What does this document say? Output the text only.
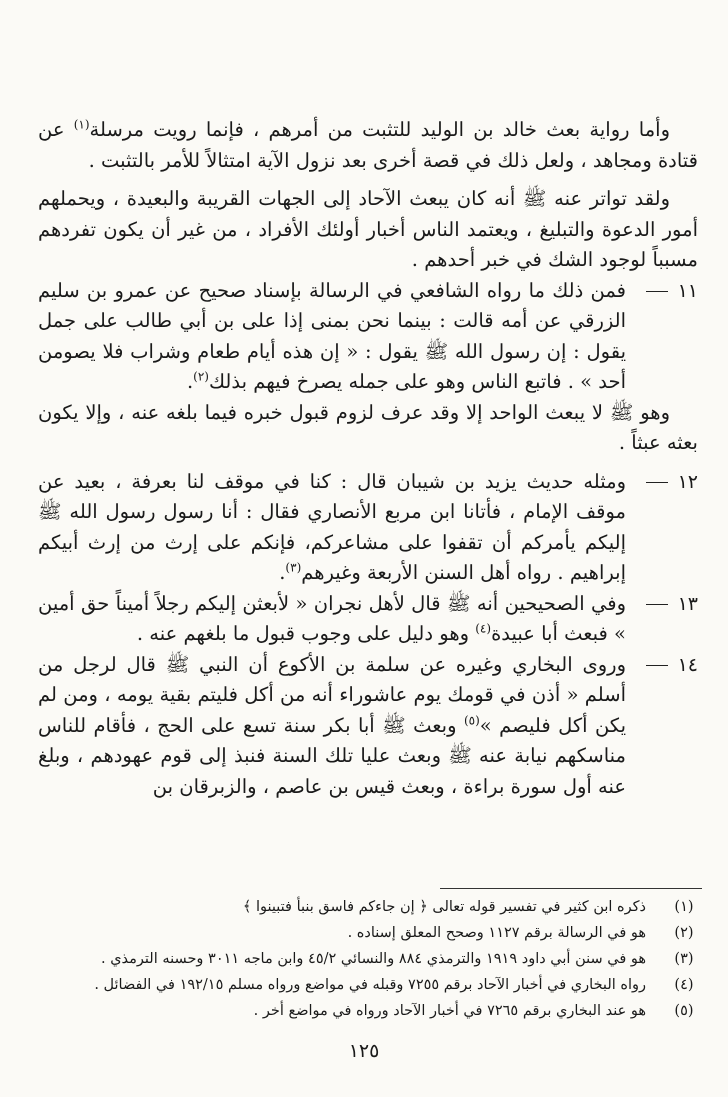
وأما رواية بعث خالد بن الوليد للتثبت من أمرهم ، فإنما رويت مرسلة$^{(١)}$ عن قتادة ومجاهد ، ولعل ذلك في قصة أخرى بعد نزول الآية امتثالاً للأمر بالتثبت .

ولقد تواتر عنه ﷺ أنه كان يبعث الآحاد إلى الجهات القريبة والبعيدة ، ويحملهم أمور الدعوة والتبليغ ، ويعتمد الناس أخبار أولئك الأفراد ، من غير أن يكون تفردهم مسبباً لوجود الشك في خبر أحدهم .

١١
فمن ذلك ما رواه الشافعي في الرسالة بإسناد صحيح عن عمرو بن سليم الزرقي عن أمه قالت : بينما نحن بمنى إذا على بن أبي طالب على جمل يقول : إن رسول الله ﷺ يقول : « إن هذه أيام طعام وشراب فلا يصومن أحد » . فاتبع الناس وهو على جمله يصرخ فيهم بذلك$^{(٢)}$.

وهو ﷺ لا يبعث الواحد إلا وقد عرف لزوم قبول خبره فيما بلغه عنه ، وإلا يكون بعثه عبثاً .

١٢
ومثله حديث يزيد بن شيبان قال : كنا في موقف لنا بعرفة ، بعيد عن موقف الإمام ، فأتانا ابن مربع الأنصاري فقال : أنا رسول رسول الله ﷺ إليكم يأمركم أن تقفوا على مشاعركم، فإنكم على إرث من إرث أبيكم إبراهيم . رواه أهل السنن الأربعة وغيرهم$^{(٣)}$.

١٣
وفي الصحيحين أنه ﷺ قال لأهل نجران « لأبعثن إليكم رجلاً أميناً حق أمين » فبعث أبا عبيدة$^{(٤)}$ وهو دليل على وجوب قبول ما بلغهم عنه .

١٤
وروى البخاري وغيره عن سلمة بن الأكوع أن النبي ﷺ قال لرجل من أسلم « أذن في قومك يوم عاشوراء أنه من أكل فليتم بقية يومه ، ومن لم يكن أكل فليصم »$^{(٥)}$ وبعث ﷺ أبا بكر سنة تسع على الحج ، فأقام للناس مناسكهم نيابة عنه ﷺ وبعث عليا تلك السنة فنبذ إلى قوم عهودهم ، وبلغ عنه أول سورة براءة ، وبعث قيس بن عاصم ، والزبرقان بن

(١)
ذكره ابن كثير في تفسير قوله تعالى ﴿ إن جاءكم فاسق بنبأ فتبينوا ﴾

(٢)
هو في الرسالة برقم ١١٢٧ وصحح المعلق إسناده .

(٣)
هو في سنن أبي داود ١٩١٩ والترمذي ٨٨٤ والنسائي ٤٥/٢ وابن ماجه ٣٠١١ وحسنه الترمذي .

(٤)
رواه البخاري في أخبار الآحاد برقم ٧٢٥٥ وقبله في مواضع ورواه مسلم ١٩٢/١٥ في الفضائل .

(٥)
هو عند البخاري برقم ٧٢٦٥ في أخبار الآحاد ورواه في مواضع أخر .

١٢٥
